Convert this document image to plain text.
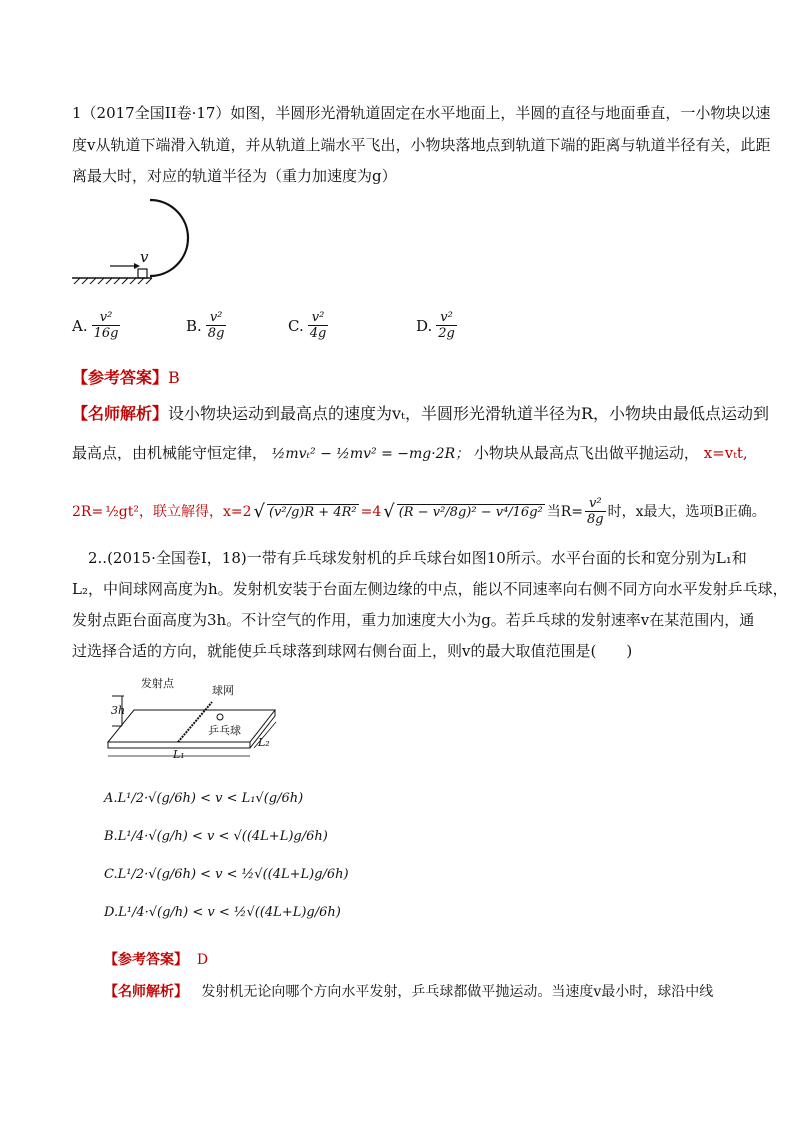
1（2017全国II卷·17）如图，半圆形光滑轨道固定在水平地面上，半圆的直径与地面垂直，一小物块以速
度v从轨道下端滑入轨道，并从轨道上端水平飞出，小物块落地点到轨道下端的距离与轨道半径有关，此距
离最大时，对应的轨道半径为（重力加速度为g）
v
A. $\frac{\text{v²}}{16g}$	B. $\frac{\text{v²}}{8g}$	C. $\frac{\text{v²}}{4g}$	D. $\frac{\text{v²}}{2g}$
【参考答案】B
【名师解析】设小物块运动到最高点的速度为vₜ，半圆形光滑轨道半径为R，小物块由最低点运动到
最高点，由机械能守恒定律， ½mvₜ² − ½mv² = −mg·2R； 小物块从最高点飞出做平抛运动， x=vₜt,
2R= ½gt²，联立解得，x=2 √ (v²/g)R + 4R² =4 √ (R − v²/8g)² − v⁴/16g² 当$R= \frac{\text{v²}}{8g}$ 时，x最大，选项B正确。
2..(2015·全国卷Ⅰ，18)一带有乒乓球发射机的乒乓球台如图10所示。水平台面的长和宽分别为L₁和
L₂，中间球网高度为h。发射机安装于台面左侧边缘的中点，能以不同速率向右侧不同方向水平发射乒乓球，
发射点距台面高度为3h。不计空气的作用，重力加速度大小为g。若乒乓球的发射速率v在某范围内，通
过选择合适的方向，就能使乒乓球落到球网右侧台面上，则v的最大取值范围是(　　)
发射点
球网
乒乓球
3h
L₁
L₂
A.L¹/2·√(g/6h) < v < L₁√(g/6h)
B.L¹/4·√(g/h) < v < √((4L+L)g/6h)
C.L¹/2·√(g/6h) < v < ½√((4L+L)g/6h)
D.L¹/4·√(g/h) < v < ½√((4L+L)g/6h)
【参考答案】 D
【名师解析】 发射机无论向哪个方向水平发射，乒乓球都做平抛运动。当速度v最小时，球沿中线
